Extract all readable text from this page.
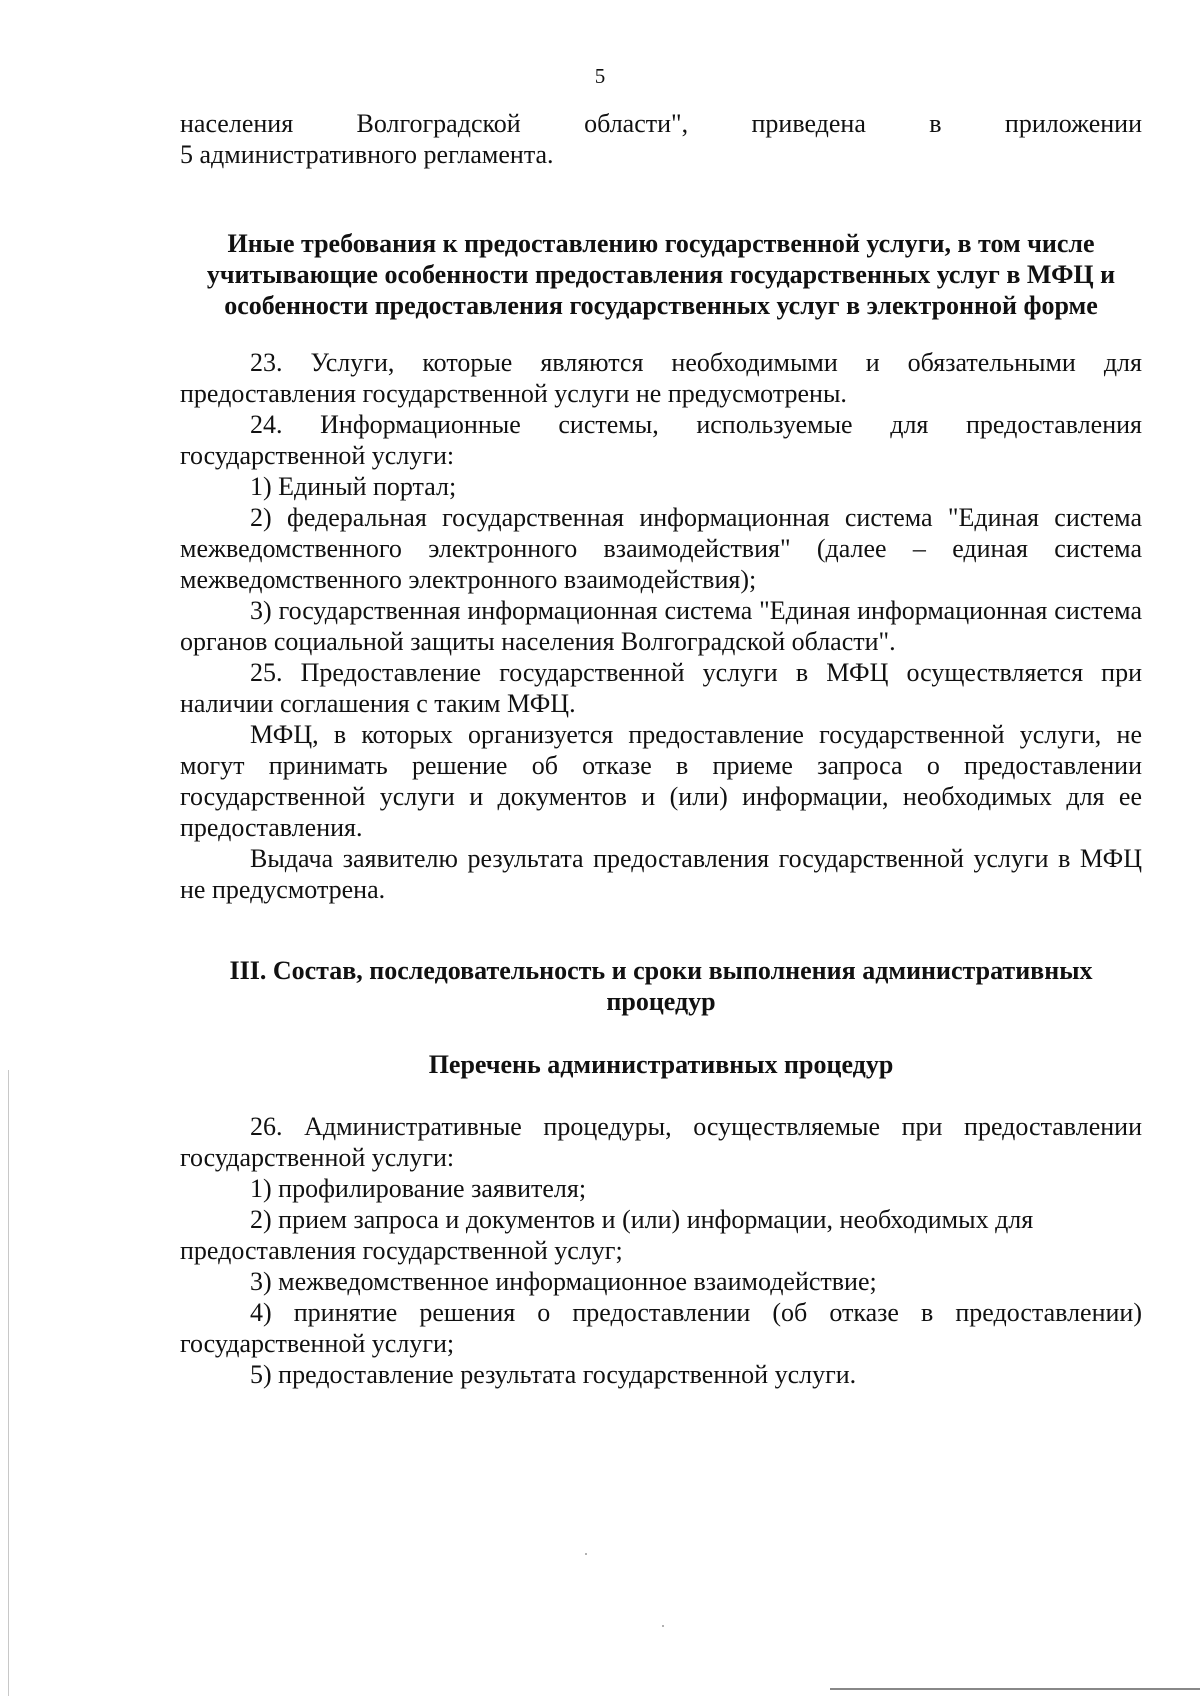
5
населения Волгоградской области", приведена в приложении

5 административного регламента.

Иные требования к предоставлению государственной услуги, в том числе учитывающие особенности предоставления государственных услуг в МФЦ и особенности предоставления государственных услуг в электронной форме

23. Услуги, которые являются необходимыми и обязательными для предоставления государственной услуги не предусмотрены.

24. Информационные системы, используемые для предоставления государственной услуги:

1) Единый портал;

2) федеральная государственная информационная система "Единая система межведомственного электронного взаимодействия" (далее – единая система межведомственного электронного взаимодействия);

3) государственная информационная система "Единая информационная система органов социальной защиты населения Волгоградской области".

25. Предоставление государственной услуги в МФЦ осуществляется при наличии соглашения с таким МФЦ.

МФЦ, в которых организуется предоставление государственной услуги, не могут принимать решение об отказе в приеме запроса о предоставлении государственной услуги и документов и (или) информации, необходимых для ее предоставления.

Выдача заявителю результата предоставления государственной услуги в МФЦ не предусмотрена.

III. Состав, последовательность и сроки выполнения административных процедур

Перечень административных процедур

26. Административные процедуры, осуществляемые при предоставлении государственной услуги:

1) профилирование заявителя;

2) прием запроса и документов и (или) информации, необходимых для предоставления государственной услуг;

3) межведомственное информационное взаимодействие;

4) принятие решения о предоставлении (об отказе в предоставлении) государственной услуги;

5) предоставление результата государственной услуги.
